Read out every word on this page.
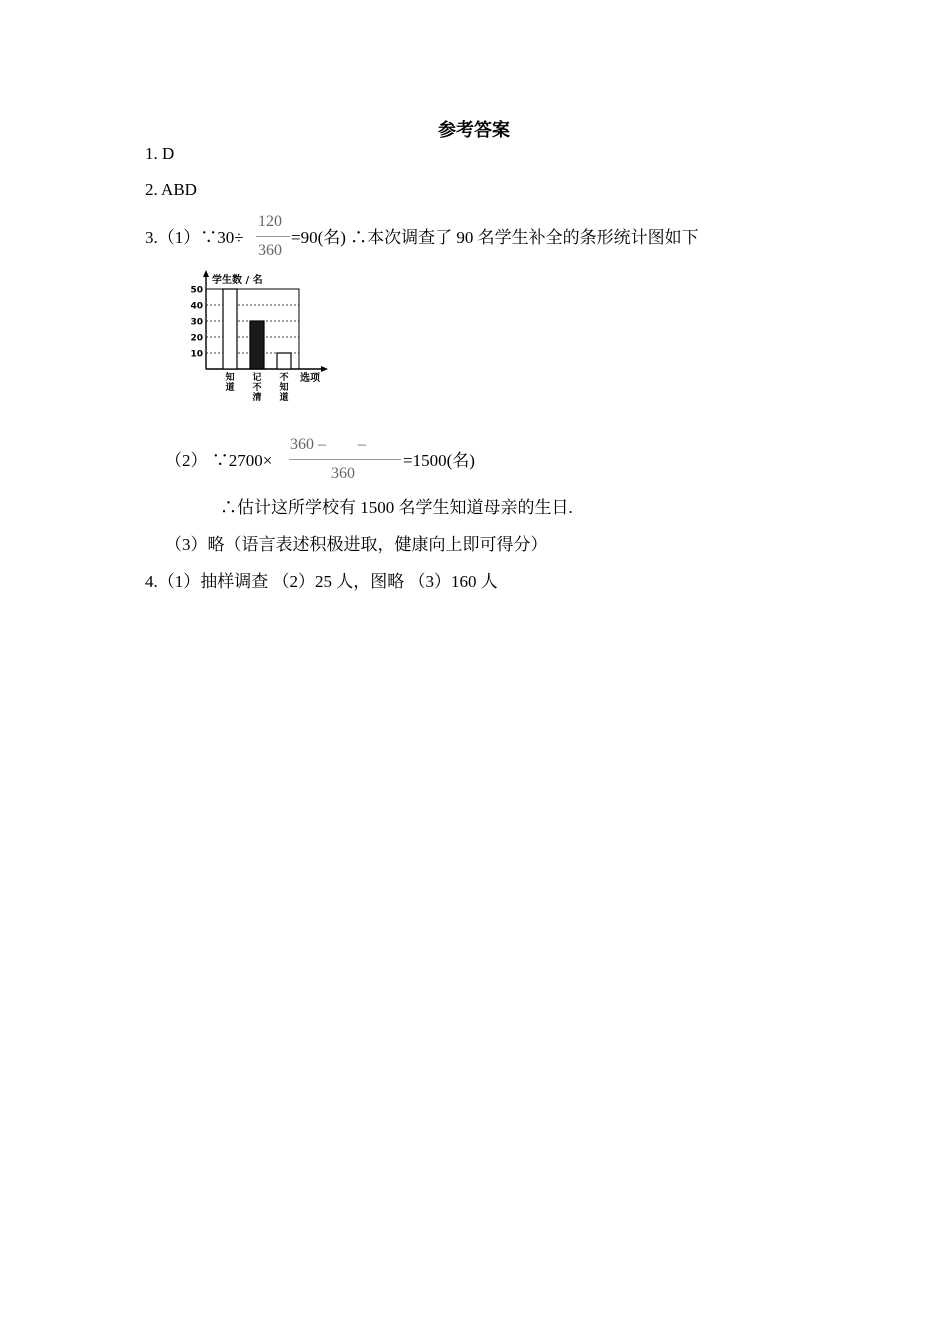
参考答案
1. D
2. ABD
3.（1）∵30÷
120
360
=90(名) ∴本次调查了 90 名学生补全的条形统计图如下
10
20
30
40
50
知道
记不清
不知道
学生数 / 名
选项
（2） ∵2700×
360 –        –
360
=1500(名)
∴估计这所学校有 1500 名学生知道母亲的生日.
（3）略（语言表述积极进取，健康向上即可得分）
4.（1）抽样调查 （2）25 人，图略 （3）160 人
